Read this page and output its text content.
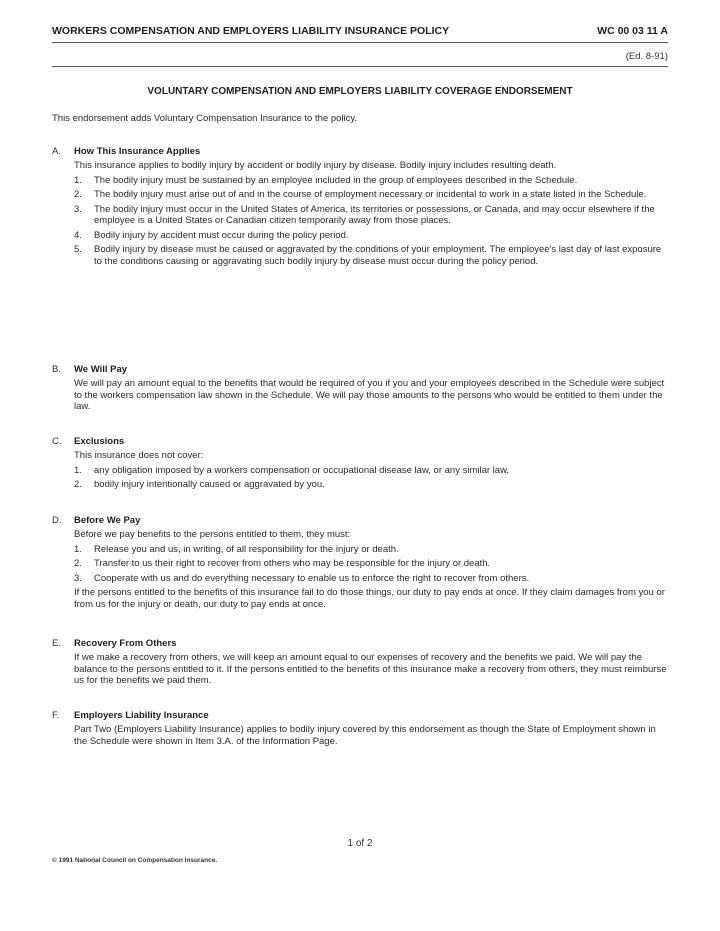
WORKERS COMPENSATION AND EMPLOYERS LIABILITY INSURANCE POLICY	WC 00 03 11 A
(Ed. 8-91)
VOLUNTARY COMPENSATION AND EMPLOYERS LIABILITY COVERAGE ENDORSEMENT
This endorsement adds Voluntary Compensation Insurance to the policy.
A. How This Insurance Applies
This insurance applies to bodily injury by accident or bodily injury by disease. Bodily injury includes resulting death.
1. The bodily injury must be sustained by an employee included in the group of employees described in the Schedule.
2. The bodily injury must arise out of and in the course of employment necessary or incidental to work in a state listed in the Schedule.
3. The bodily injury must occur in the United States of America, its territories or possessions, or Canada, and may occur elsewhere if the employee is a United States or Canadian citizen temporarily away from those places.
4. Bodily injury by accident must occur during the policy period.
5. Bodily injury by disease must be caused or aggravated by the conditions of your employment. The employee's last day of last exposure to the conditions causing or aggravating such bodily injury by disease must occur during the policy period.
B. We Will Pay
We will pay an amount equal to the benefits that would be required of you if you and your employees described in the Schedule were subject to the workers compensation law shown in the Schedule. We will pay those amounts to the persons who would be entitled to them under the law.
C. Exclusions
This insurance does not cover:
1. any obligation imposed by a workers compensation or occupational disease law, or any similar law.
2. bodily injury intentionally caused or aggravated by you.
D. Before We Pay
Before we pay benefits to the persons entitled to them, they must:
1. Release you and us, in writing, of all responsibility for the injury or death.
2. Transfer to us their right to recover from others who may be responsible for the injury or death.
3. Cooperate with us and do everything necessary to enable us to enforce the right to recover from others.
If the persons entitled to the benefits of this insurance fail to do those things, our duty to pay ends at once. If they claim damages from you or from us for the injury or death, our duty to pay ends at once.
E. Recovery From Others
If we make a recovery from others, we will keep an amount equal to our expenses of recovery and the benefits we paid. We will pay the balance to the persons entitled to it. If the persons entitled to the benefits of this insurance make a recovery from others, they must reimburse us for the benefits we paid them.
F. Employers Liability Insurance
Part Two (Employers Liability Insurance) applies to bodily injury covered by this endorsement as though the State of Employment shown in the Schedule were shown in Item 3.A. of the Information Page.
1 of 2
© 1991 National Council on Compensation Insurance.
